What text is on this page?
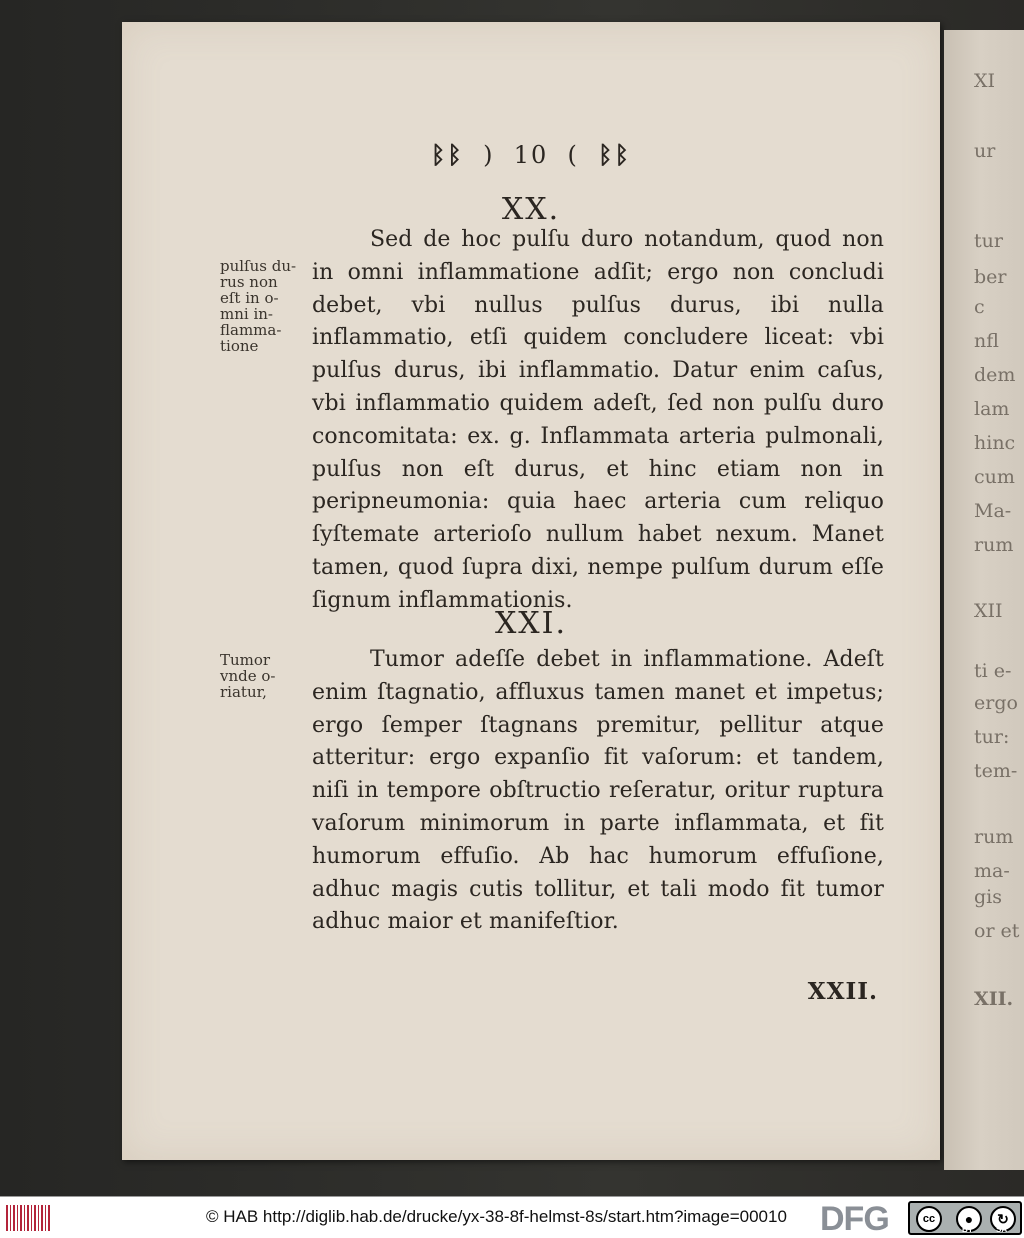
ᛒᛒ ) 10 ( ᛒᛒ
XX.
pulſus du-
rus non
eſt in o-
mni in-
flamma-
tione

Sed de hoc pulſu duro notandum, quod non in omni inflammatione adſit; ergo non concludi debet, vbi nullus pulſus durus, ibi nulla inflammatio, etſi quidem concludere liceat: vbi pulſus durus, ibi inflammatio. Datur enim caſus, vbi inflammatio quidem adeſt, ſed non pulſu duro concomitata: ex. g. Inflammata arteria pulmonali, pulſus non eſt durus, et hinc etiam non in peripneumonia: quia haec arteria cum reliquo ſyſtemate arterioſo nullum habet nexum. Manet tamen, quod ſupra dixi, nempe pulſum durum eſſe ſignum inflammationis.

XXI.
Tumor
vnde o-
riatur,

Tumor adeſſe debet in inflammatione. Adeſt enim ſtagnatio, affluxus tamen manet et impetus; ergo ſemper ſtagnans premitur, pellitur atque atteritur: ergo expanſio fit vaſorum: et tandem, niſi in tempore obſtructio reſeratur, oritur ruptura vaſorum minimorum in parte inflammata, et fit humorum effuſio. Ab hac humorum effuſione, adhuc magis cutis tollitur, et tali modo fit tumor adhuc maior et manifeſtior.

XXII.
XI
ur
tur
ber
c
nfl
dem
lam
hinc
cum
Ma-
rum
XII
ti e-
ergo
tur:
tem-
rum
ma-
gis
or et
XII.
© HAB http://diglib.hab.de/drucke/yx-38-8f-helmst-8s/start.htm?image=00010 DFG	cc	●	↻
BY	SA
